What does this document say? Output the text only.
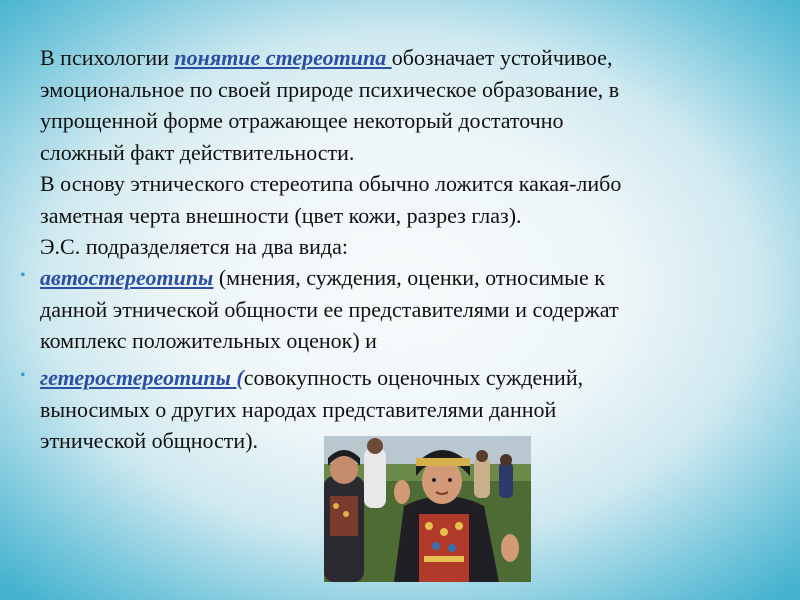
В психологии понятие стереотипа обозначает устойчивое,
эмоциональное по своей природе психическое образование, в
упрощенной форме отражающее некоторый достаточно
сложный факт действительности.

В основу этнического стереотипа обычно ложится какая-либо
заметная черта внешности (цвет кожи, разрез глаз).

Э.С. подразделяется на два вида:

• автостереотипы (мнения, суждения, оценки, относимые к
данной этнической общности ее представителями и содержат
комплекс положительных оценок) и

• гетеростереотипы (совокупность оценочных суждений,
выносимых о других народах представителями данной
этнической общности).
